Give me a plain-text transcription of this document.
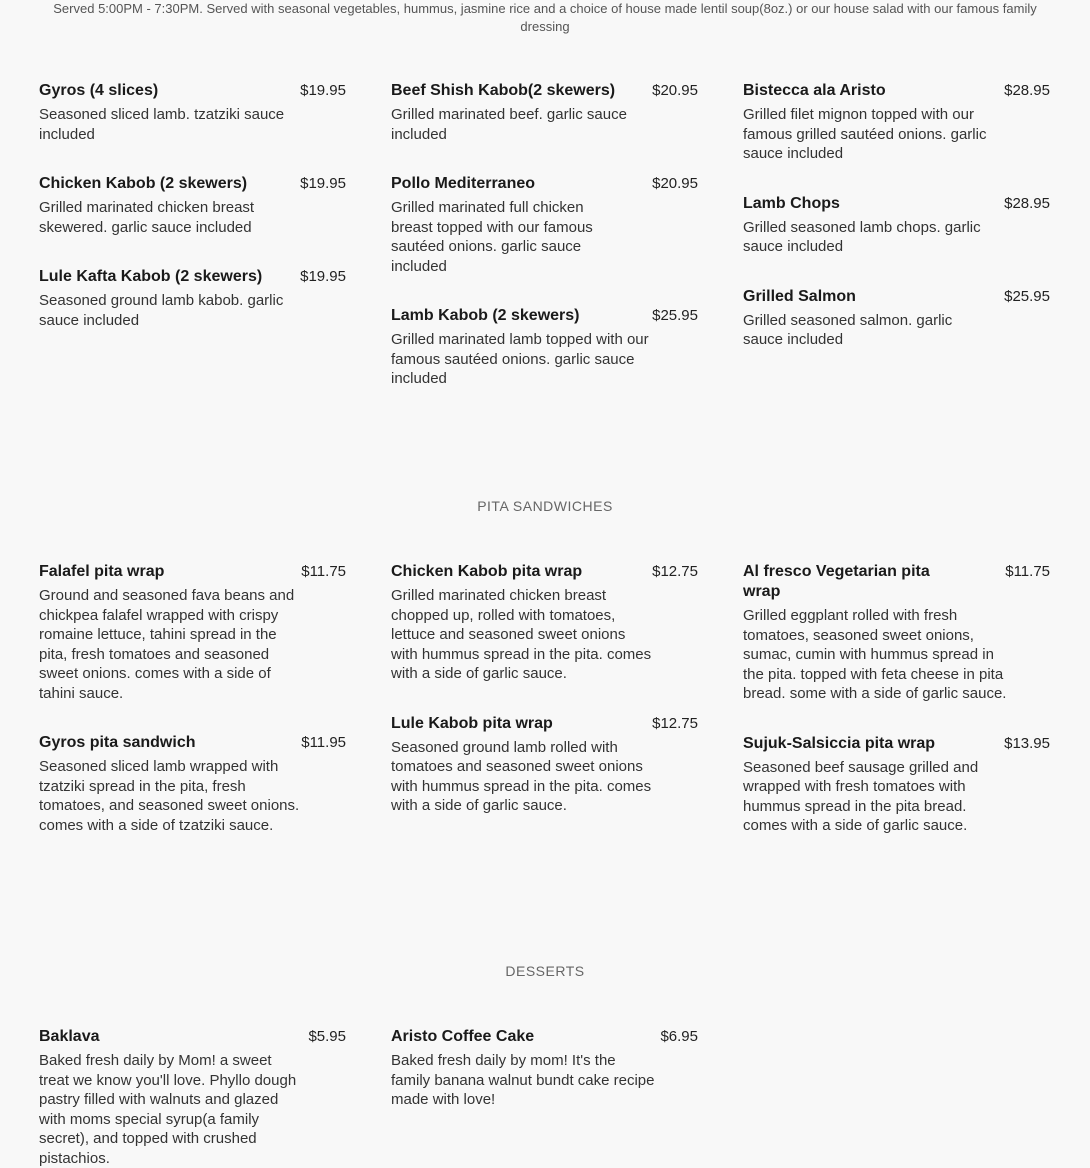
Served 5:00PM - 7:30PM. Served with seasonal vegetables, hummus, jasmine rice and a choice of house made lentil soup(8oz.) or our house salad with our famous family dressing
Gyros (4 slices)	$19.95
Seasoned sliced lamb. tzatziki sauce included
Chicken Kabob (2 skewers)	$19.95
Grilled marinated chicken breast skewered. garlic sauce included
Lule Kafta Kabob (2 skewers)	$19.95
Seasoned ground lamb kabob. garlic sauce included
Beef Shish Kabob(2 skewers)	$20.95
Grilled marinated beef. garlic sauce included
Pollo Mediterraneo	$20.95
Grilled marinated full chicken breast topped with our famous sautéed onions. garlic sauce included
Lamb Kabob (2 skewers)	$25.95
Grilled marinated lamb topped with our famous sautéed onions. garlic sauce included
Bistecca ala Aristo	$28.95
Grilled filet mignon topped with our famous grilled sautéed onions. garlic sauce included
Lamb Chops	$28.95
Grilled seasoned lamb chops. garlic sauce included
Grilled Salmon	$25.95
Grilled seasoned salmon. garlic sauce included
PITA SANDWICHES
Falafel pita wrap	$11.75
Ground and seasoned fava beans and chickpea falafel wrapped with crispy romaine lettuce, tahini spread in the pita, fresh tomatoes and seasoned sweet onions. comes with a side of tahini sauce.
Gyros pita sandwich	$11.95
Seasoned sliced lamb wrapped with tzatziki spread in the pita, fresh tomatoes, and seasoned sweet onions. comes with a side of tzatziki sauce.
Chicken Kabob pita wrap	$12.75
Grilled marinated chicken breast chopped up, rolled with tomatoes, lettuce and seasoned sweet onions with hummus spread in the pita. comes with a side of garlic sauce.
Lule Kabob pita wrap	$12.75
Seasoned ground lamb rolled with tomatoes and seasoned sweet onions with hummus spread in the pita. comes with a side of garlic sauce.
Al fresco Vegetarian pita wrap
$11.75
Grilled eggplant rolled with fresh tomatoes, seasoned sweet onions, sumac, cumin with hummus spread in the pita. topped with feta cheese in pita bread. some with a side of garlic sauce.
Sujuk-Salsiccia pita wrap	$13.95
Seasoned beef sausage grilled and wrapped with fresh tomatoes with hummus spread in the pita bread. comes with a side of garlic sauce.
DESSERTS
Baklava	$5.95
Baked fresh daily by Mom! a sweet treat we know you'll love. Phyllo dough pastry filled with walnuts and glazed with moms special syrup(a family secret), and topped with crushed pistachios.
Aristo Coffee Cake	$6.95
Baked fresh daily by mom! It's the family banana walnut bundt cake recipe made with love!
